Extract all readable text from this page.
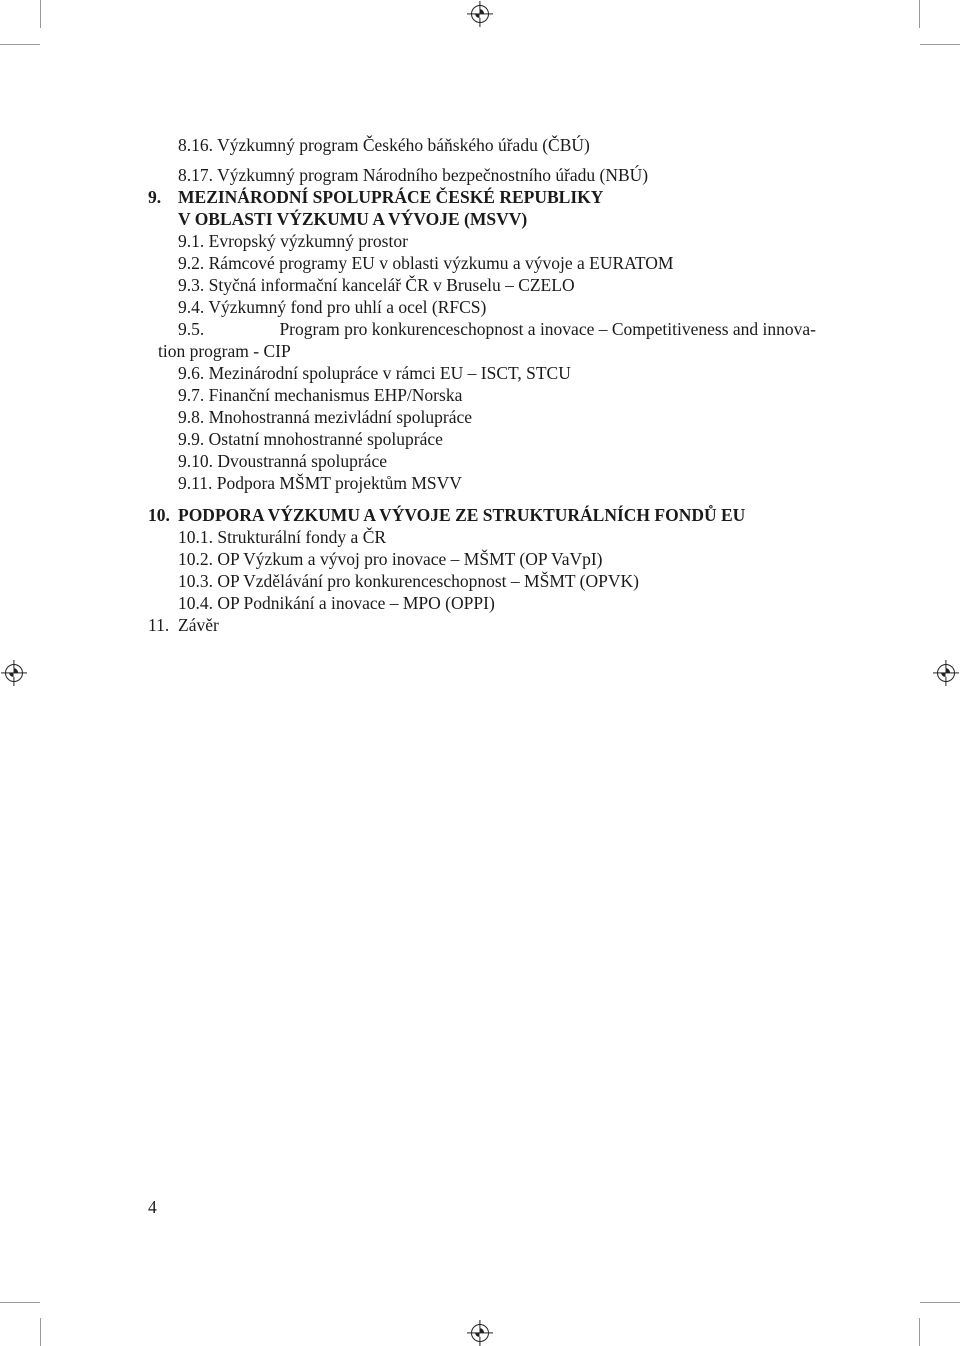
8.16. Výzkumný program Českého báňského úřadu (ČBÚ)
8.17. Výzkumný program Národního bezpečnostního úřadu (NBÚ)
9. MEZINÁRODNÍ SPOLUPRÁCE ČESKÉ REPUBLIKY
V OBLASTI VÝZKUMU A VÝVOJE (MSVV)
9.1. Evropský výzkumný prostor
9.2. Rámcové programy EU v oblasti výzkumu a vývoje a EURATOM
9.3. Styčná informační kancelář ČR v Bruselu – CZELO
9.4. Výzkumný fond pro uhlí a ocel (RFCS)
9.5.	Program pro konkurenceschopnost a inovace – Competitiveness and innova-
tion program - CIP
9.6. Mezinárodní spolupráce v rámci EU – ISCT, STCU
9.7. Finanční mechanismus EHP/Norska
9.8. Mnohostranná mezivládní spolupráce
9.9. Ostatní mnohostranné spolupráce
9.10. Dvoustranná spolupráce
9.11. Podpora MŠMT projektům MSVV
10. PODPORA VÝZKUMU A VÝVOJE ZE STRUKTURÁLNÍCH FONDŮ EU
10.1. Strukturální fondy a ČR
10.2. OP Výzkum a vývoj pro inovace – MŠMT (OP VaVpI)
10.3. OP Vzdělávání pro konkurenceschopnost – MŠMT (OPVK)
10.4. OP Podnikání a inovace – MPO (OPPI)
11. Závěr
4
